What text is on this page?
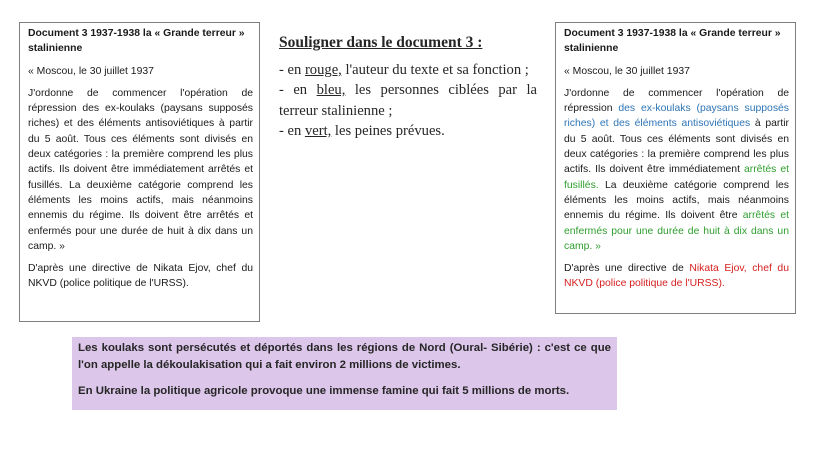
Document 3 1937-1938 la « Grande terreur » stalinienne

« Moscou, le 30 juillet 1937

J'ordonne de commencer l'opération de répression des ex-koulaks (paysans supposés riches) et des éléments antisoviétiques à partir du 5 août. Tous ces éléments sont divisés en deux catégories : la première comprend les plus actifs. Ils doivent être immédiatement arrêtés et fusillés. La deuxième catégorie comprend les éléments les moins actifs, mais néanmoins ennemis du régime. Ils doivent être arrêtés et enfermés pour une durée de huit à dix dans un camp. »

D'après une directive de Nikata Ejov, chef du NKVD (police politique de l'URSS).

Souligner dans le document 3 :

- en rouge, l'auteur du texte et sa fonction ;

- en bleu, les personnes ciblées par la terreur stalinienne ;

- en vert, les peines prévues.

Document 3 1937-1938 la « Grande terreur » stalinienne

« Moscou, le 30 juillet 1937

J'ordonne de commencer l'opération de répression des ex-koulaks (paysans supposés riches) et des éléments antisoviétiques à partir du 5 août. Tous ces éléments sont divisés en deux catégories : la première comprend les plus actifs. Ils doivent être immédiatement arrêtés et fusillés. La deuxième catégorie comprend les éléments les moins actifs, mais néanmoins ennemis du régime. Ils doivent être arrêtés et enfermés pour une durée de huit à dix dans un camp. »

D'après une directive de Nikata Ejov, chef du NKVD (police politique de l'URSS).

Les koulaks sont persécutés et déportés dans les régions de Nord (Oural- Sibérie) : c'est ce que l'on appelle la dékoulakisation qui a fait environ 2 millions de victimes.

En Ukraine la politique agricole provoque une immense famine qui fait 5 millions de morts.
